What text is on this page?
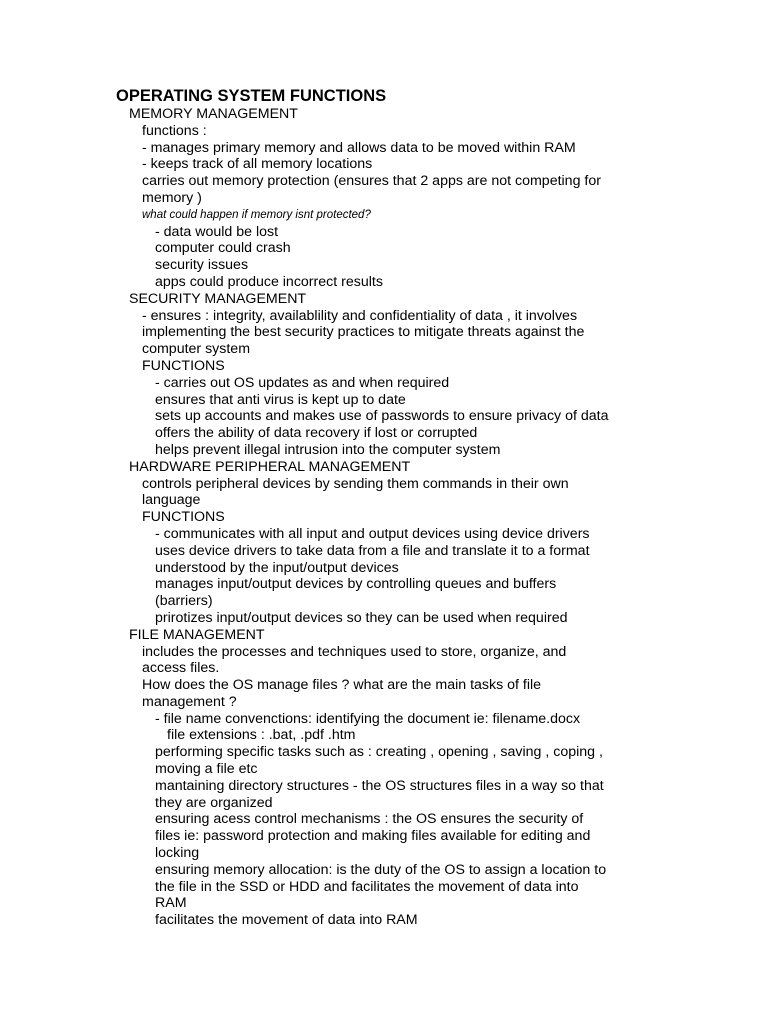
OPERATING SYSTEM FUNCTIONS
MEMORY MANAGEMENT
functions :
- manages primary memory and allows data to be moved within RAM
- keeps track of all memory locations
carries out memory protection (ensures that 2 apps are not competing for
memory )
what could happen if memory isnt protected?
- data would be lost
computer could crash
security issues
apps could produce incorrect results
SECURITY MANAGEMENT
- ensures : integrity, availablility and confidentiality of data , it involves
implementing the best security practices to mitigate threats against the
computer system
FUNCTIONS
- carries out OS updates as and when required
ensures that anti virus is kept up to date
sets up accounts and makes use of passwords to ensure privacy of data
offers the ability of data recovery if lost or corrupted
helps prevent illegal intrusion into the computer system
HARDWARE PERIPHERAL MANAGEMENT
controls peripheral devices by sending them commands in their own
language
FUNCTIONS
- communicates with all input and output devices using device drivers
uses device drivers to take data from a file and translate it to a format
understood by the input/output devices
manages input/output devices by controlling queues and buffers
(barriers)
prirotizes input/output devices so they can be used when required
FILE MANAGEMENT
includes the processes and techniques used to store, organize, and
access files.
How does the OS manage files ? what are the main tasks of file
management ?
- file name convenctions: identifying the document ie: filename.docx
file extensions : .bat, .pdf .htm
performing specific tasks such as : creating , opening , saving , coping ,
moving a file etc
mantaining directory structures - the OS structures files in a way so that
they are organized
ensuring acess control mechanisms : the OS ensures the security of
files ie: password protection and making files available for editing and
locking
ensuring memory allocation: is the duty of the OS to assign a location to
the file in the SSD or HDD and facilitates the movement of data into
RAM
facilitates the movement of data into RAM
